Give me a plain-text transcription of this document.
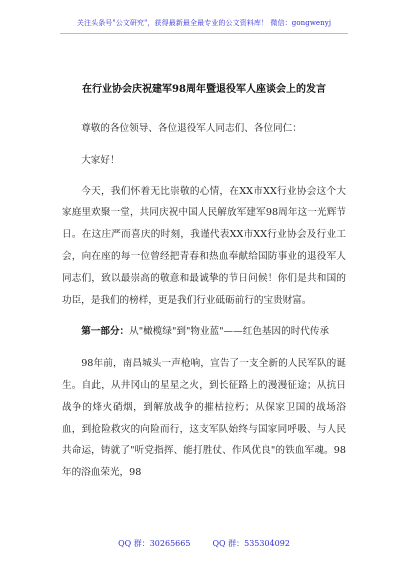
关注头条号"公文研究"，获得最新最全最专业的公文资料库！ 微信：gongwenyj
在行业协会庆祝建军98周年暨退役军人座谈会上的发言

尊敬的各位领导、各位退役军人同志们、各位同仁：

大家好！

今天，我们怀着无比崇敬的心情，在XX市XX行业协会这个大家庭里欢聚一堂，共同庆祝中国人民解放军建军98周年这一光辉节日。在这庄严而喜庆的时刻，我谨代表XX市XX行业协会及行业工会，向在座的每一位曾经把青春和热血奉献给国防事业的退役军人同志们，致以最崇高的敬意和最诚挚的节日问候！你们是共和国的功臣，是我们的榜样，更是我们行业砥砺前行的宝贵财富。

第一部分：从"橄榄绿"到"物业蓝"——红色基因的时代传承

98年前，南昌城头一声枪响，宣告了一支全新的人民军队的诞生。自此，从井冈山的星星之火，到长征路上的漫漫征途；从抗日战争的烽火硝烟，到解放战争的摧枯拉朽；从保家卫国的战场浴血，到抢险救灾的向险而行，这支军队始终与国家同呼吸、与人民共命运，铸就了"听党指挥、能打胜仗、作风优良"的铁血军魂。98年的浴血荣光，98

QQ 群：30265665	QQ 群：535304092
